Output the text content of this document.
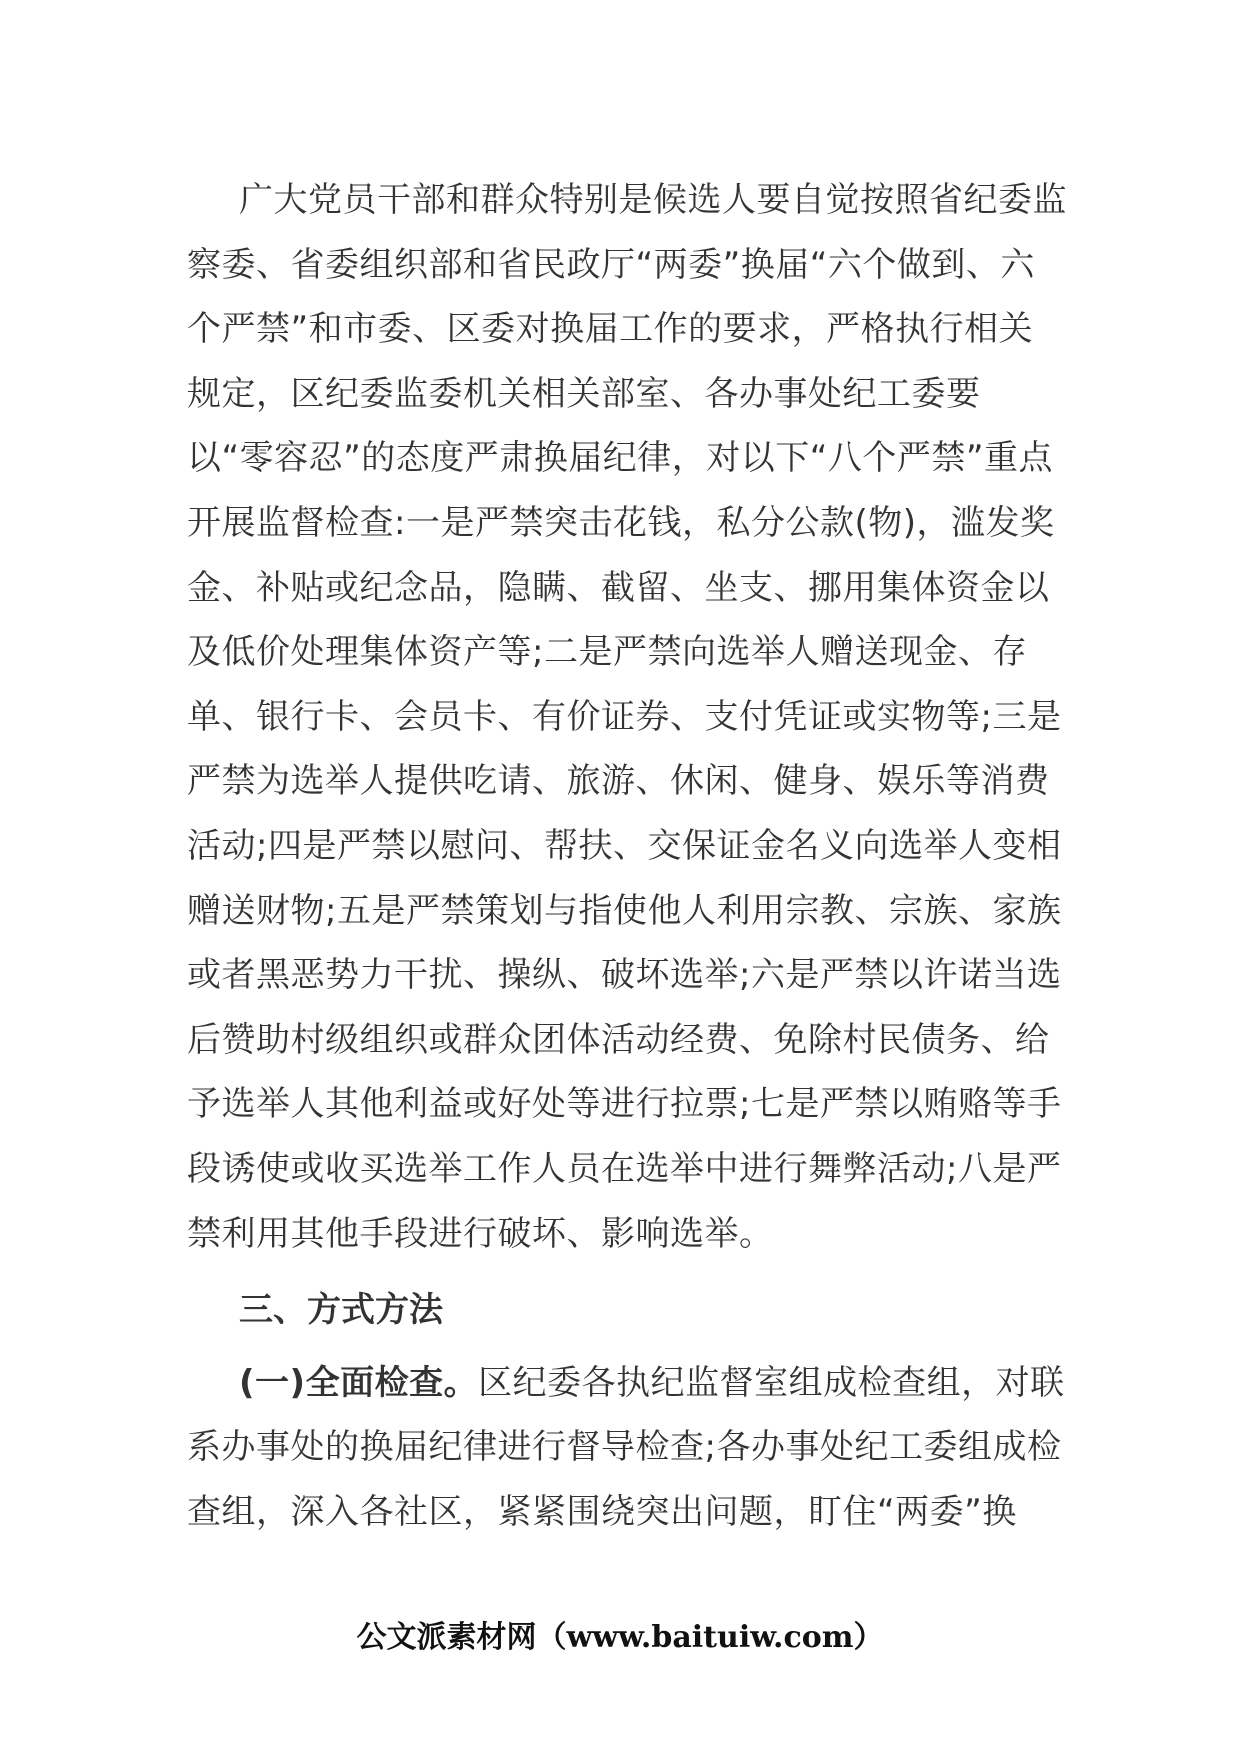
广大党员干部和群众特别是候选人要自觉按照省纪委监察委、省委组织部和省民政厅“两委”换届“六个做到、六个严禁”和市委、区委对换届工作的要求，严格执行相关规定，区纪委监委机关相关部室、各办事处纪工委要以“零容忍”的态度严肃换届纪律，对以下“八个严禁”重点开展监督检查:一是严禁突击花钱，私分公款(物)，滥发奖金、补贴或纪念品，隐瞒、截留、坐支、挪用集体资金以及低价处理集体资产等;二是严禁向选举人赠送现金、存单、银行卡、会员卡、有价证券、支付凭证或实物等;三是严禁为选举人提供吃请、旅游、休闲、健身、娱乐等消费活动;四是严禁以慰问、帮扶、交保证金名义向选举人变相赠送财物;五是严禁策划与指使他人利用宗教、宗族、家族或者黑恶势力干扰、操纵、破坏选举;六是严禁以许诺当选后赞助村级组织或群众团体活动经费、免除村民债务、给予选举人其他利益或好处等进行拉票;七是严禁以贿赂等手段诱使或收买选举工作人员在选举中进行舞弊活动;八是严禁利用其他手段进行破坏、影响选举。

三、方式方法

(一)全面检查。区纪委各执纪监督室组成检查组，对联系办事处的换届纪律进行督导检查;各办事处纪工委组成检查组，深入各社区，紧紧围绕突出问题，盯住“两委”换

公文派素材网（www.baituiw.com）
